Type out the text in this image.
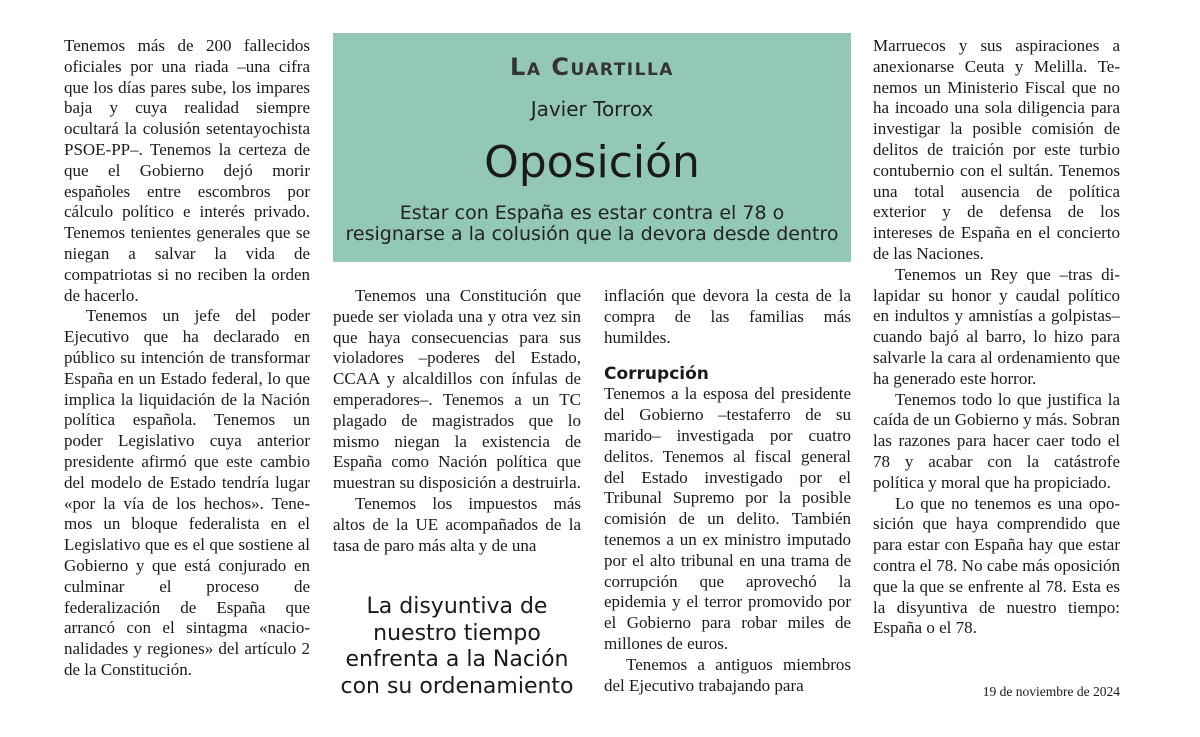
Tenemos más de 200 fallecidos oficiales por una riada –una cifra que los días pares sube, los impares baja y cuya realidad siempre ocultará la colusión setentayochista PSOE-PP–. Tenemos la certeza de que el Gobierno dejó morir españoles entre escombros por cálculo político e interés privado. Tenemos tenientes generales que se niegan a salvar la vida de compatriotas si no reciben la orden de hacerlo.

Tenemos un jefe del poder Ejecutivo que ha declarado en público su intención de transformar España en un Estado federal, lo que implica la liquidación de la Nación política española. Tenemos un poder Legislativo cuya anterior presidente afirmó que este cambio del modelo de Estado tendría lugar «por la vía de los hechos». Tenemos un bloque federalista en el Legislativo que es el que sostiene al Gobierno y que está conjurado en culminar el proceso de federalización de España que arrancó con el sintagma «nacionalidades y regiones» del artículo 2 de la Constitución.

La Cuartilla
Javier Torrox
Oposición
Estar con España es estar contra el 78 o
resignarse a la colusión que la devora desde dentro

Tenemos una Constitución que puede ser violada una y otra vez sin que haya consecuencias para sus violadores –poderes del Estado, CCAA y alcaldillos con ínfulas de emperadores–. Tenemos a un TC plagado de magistrados que lo mismo niegan la existencia de España como Nación política que muestran su disposición a destruirla.

Tenemos los impuestos más altos de la UE acompañados de la tasa de paro más alta y de una

La disyuntiva de
nuestro tiempo
enfrenta a la Nación
con su ordenamiento

inflación que devora la cesta de la compra de las familias más humildes.

Corrupción

Tenemos a la esposa del presidente del Gobierno –testaferro de su marido– investigada por cuatro delitos. Tenemos al fiscal general del Estado investigado por el Tribunal Supremo por la posible comisión de un delito. También tenemos a un ex ministro imputado por el alto tribunal en una trama de corrupción que aprovechó la epidemia y el terror promovido por el Gobierno para robar miles de millones de euros.

Tenemos a antiguos miembros del Ejecutivo trabajando para

Marruecos y sus aspiraciones a anexionarse Ceuta y Melilla. Tenemos un Ministerio Fiscal que no ha incoado una sola diligencia para investigar la posible comisión de delitos de traición por este turbio contubernio con el sultán. Tenemos una total ausencia de política exterior y de defensa de los intereses de España en el concierto de las Naciones.

Tenemos un Rey que –tras dilapidar su honor y caudal político en indultos y amnistías a golpistas– cuando bajó al barro, lo hizo para salvarle la cara al ordenamiento que ha generado este horror.

Tenemos todo lo que justifica la caída de un Gobierno y más. Sobran las razones para hacer caer todo el 78 y acabar con la catástrofe política y moral que ha propiciado.

Lo que no tenemos es una oposición que haya comprendido que para estar con España hay que estar contra el 78. No cabe más oposición que la que se enfrente al 78. Esta es la disyuntiva de nuestro tiempo: España o el 78.

19 de noviembre de 2024
